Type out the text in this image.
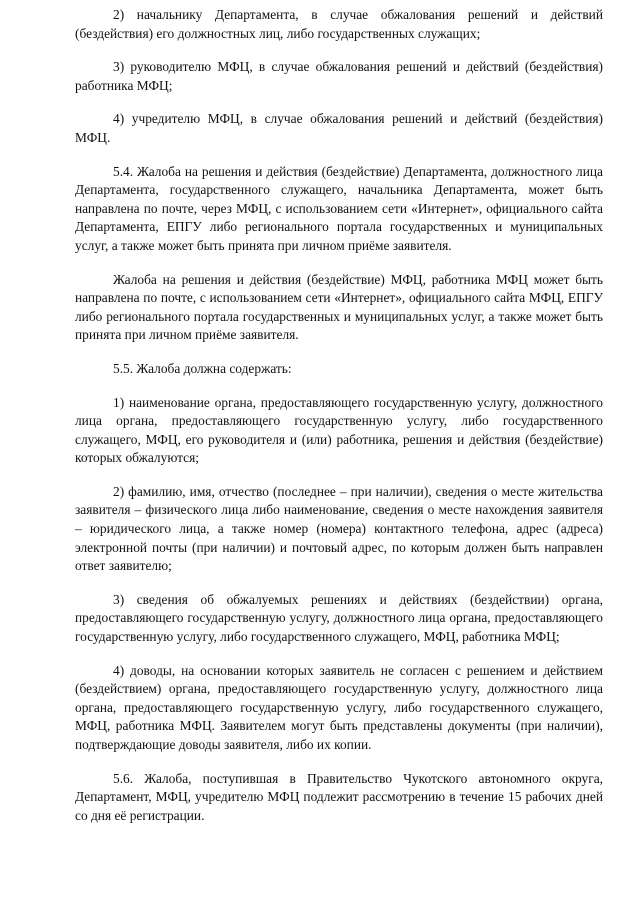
2) начальнику Департамента, в случае обжалования решений и действий (бездействия) его должностных лиц, либо государственных служащих;

3) руководителю МФЦ, в случае обжалования решений и действий (бездействия) работника МФЦ;

4) учредителю МФЦ, в случае обжалования решений и действий (бездействия) МФЦ.

5.4. Жалоба на решения и действия (бездействие) Департамента, должностного лица Департамента, государственного служащего, начальника Департамента, может быть направлена по почте, через МФЦ, с использованием сети «Интернет», официального сайта Департамента, ЕПГУ либо регионального портала государственных и муниципальных услуг, а также может быть принята при личном приёме заявителя.

Жалоба на решения и действия (бездействие) МФЦ, работника МФЦ может быть направлена по почте, с использованием сети «Интернет», официального сайта МФЦ, ЕПГУ либо регионального портала государственных и муниципальных услуг, а также может быть принята при личном приёме заявителя.

5.5. Жалоба должна содержать:

1) наименование органа, предоставляющего государственную услугу, должностного лица органа, предоставляющего государственную услугу, либо государственного служащего, МФЦ, его руководителя и (или) работника, решения и действия (бездействие) которых обжалуются;

2) фамилию, имя, отчество (последнее – при наличии), сведения о месте жительства заявителя – физического лица либо наименование, сведения о месте нахождения заявителя – юридического лица, а также номер (номера) контактного телефона, адрес (адреса) электронной почты (при наличии) и почтовый адрес, по которым должен быть направлен ответ заявителю;

3) сведения об обжалуемых решениях и действиях (бездействии) органа, предоставляющего государственную услугу, должностного лица органа, предоставляющего государственную услугу, либо государственного служащего, МФЦ, работника МФЦ;

4) доводы, на основании которых заявитель не согласен с решением и действием (бездействием) органа, предоставляющего государственную услугу, должностного лица органа, предоставляющего государственную услугу, либо государственного служащего, МФЦ, работника МФЦ. Заявителем могут быть представлены документы (при наличии), подтверждающие доводы заявителя, либо их копии.

5.6. Жалоба, поступившая в Правительство Чукотского автономного округа, Департамент, МФЦ, учредителю МФЦ подлежит рассмотрению в течение 15 рабочих дней со дня её регистрации.
